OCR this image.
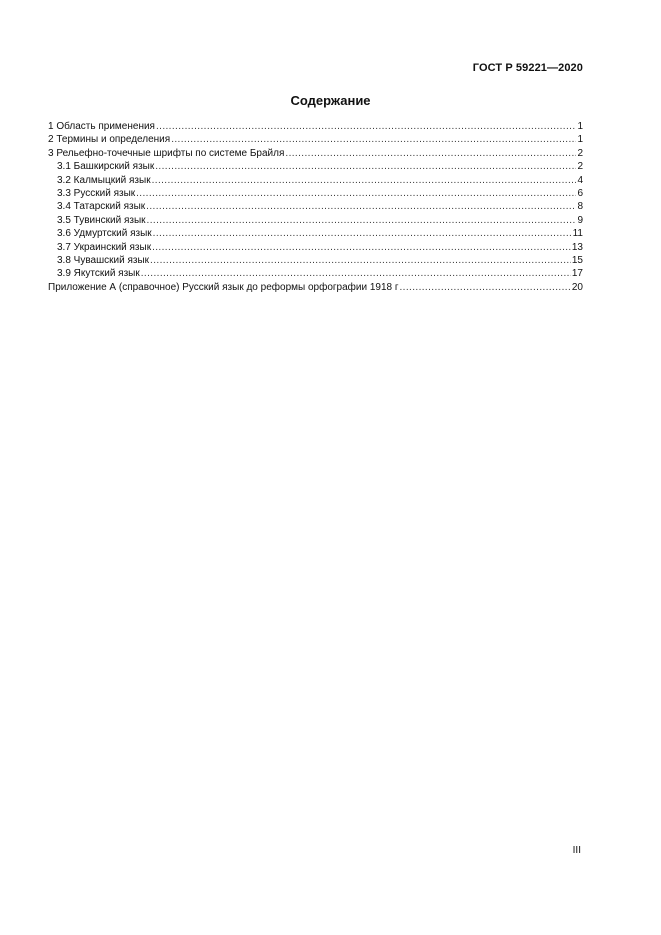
ГОСТ Р 59221—2020
Содержание
1 Область применения .....	1
2 Термины и определения .....	1
3 Рельефно-точечные шрифты по системе Брайля .....	2
3.1 Башкирский язык .....	2
3.2 Калмыцкий язык .....	4
3.3 Русский язык .....	6
3.4 Татарский язык .....	8
3.5 Тувинский язык .....	9
3.6 Удмуртский язык .....	11
3.7 Украинский язык .....	13
3.8 Чувашский язык .....	15
3.9 Якутский язык .....	17
Приложение А (справочное) Русский язык до реформы орфографии 1918 г .....	20
III
